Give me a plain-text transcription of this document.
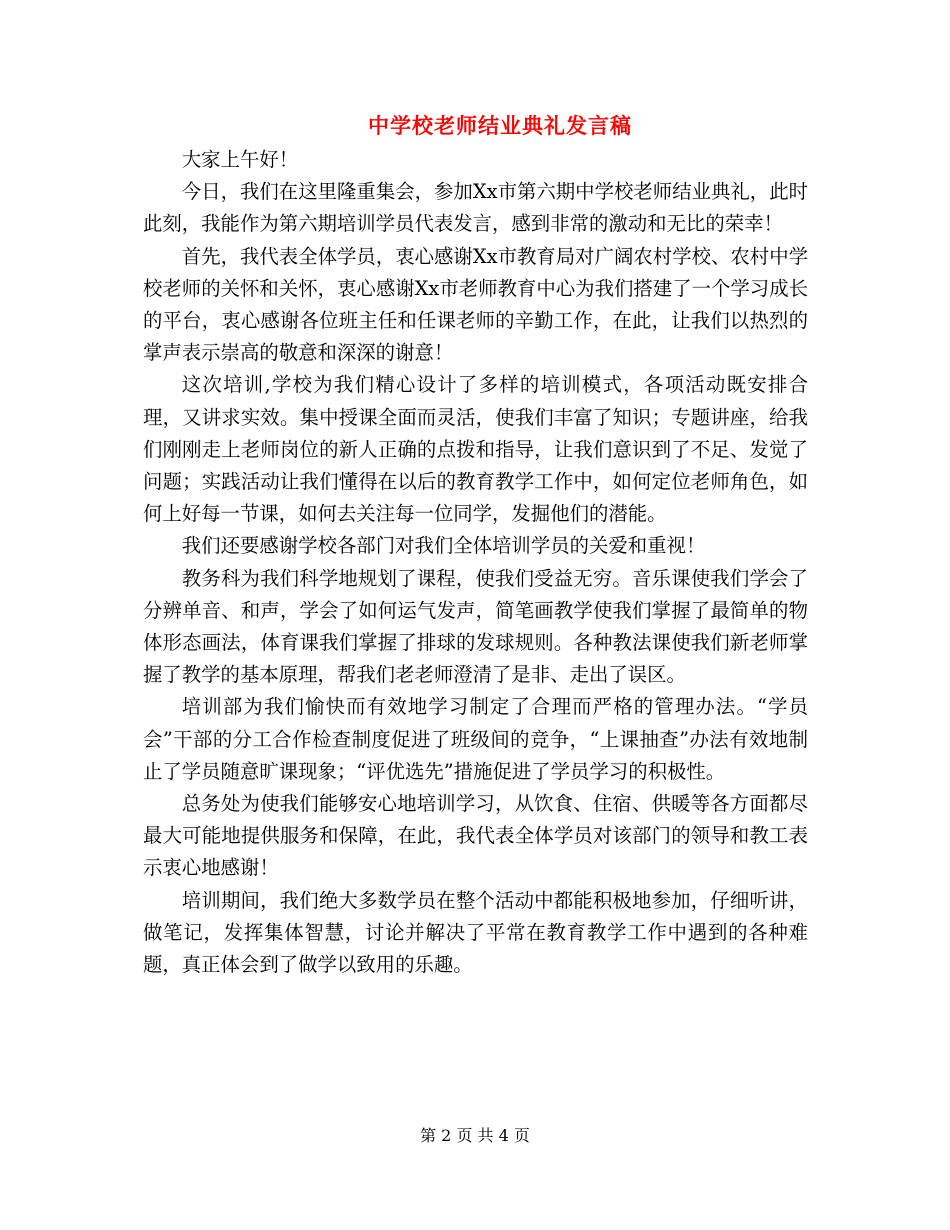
中学校老师结业典礼发言稿

大家上午好！

今日，我们在这里隆重集会，参加Xx市第六期中学校老师结业典礼，此时此刻，我能作为第六期培训学员代表发言，感到非常的激动和无比的荣幸！

首先，我代表全体学员，衷心感谢Xx市教育局对广阔农村学校、农村中学校老师的关怀和关怀，衷心感谢Xx市老师教育中心为我们搭建了一个学习成长的平台，衷心感谢各位班主任和任课老师的辛勤工作，在此，让我们以热烈的掌声表示崇高的敬意和深深的谢意！

这次培训,学校为我们精心设计了多样的培训模式，各项活动既安排合理，又讲求实效。集中授课全面而灵活，使我们丰富了知识；专题讲座，给我们刚刚走上老师岗位的新人正确的点拨和指导，让我们意识到了不足、发觉了问题；实践活动让我们懂得在以后的教育教学工作中，如何定位老师角色，如何上好每一节课，如何去关注每一位同学，发掘他们的潜能。

我们还要感谢学校各部门对我们全体培训学员的关爱和重视！

教务科为我们科学地规划了课程，使我们受益无穷。音乐课使我们学会了分辨单音、和声，学会了如何运气发声，简笔画教学使我们掌握了最简单的物体形态画法，体育课我们掌握了排球的发球规则。各种教法课使我们新老师掌握了教学的基本原理，帮我们老老师澄清了是非、走出了误区。

培训部为我们愉快而有效地学习制定了合理而严格的管理办法。“学员会”干部的分工合作检查制度促进了班级间的竞争，“上课抽查”办法有效地制止了学员随意旷课现象；“评优选先”措施促进了学员学习的积极性。

总务处为使我们能够安心地培训学习，从饮食、住宿、供暖等各方面都尽最大可能地提供服务和保障，在此，我代表全体学员对该部门的领导和教工表示衷心地感谢！

培训期间，我们绝大多数学员在整个活动中都能积极地参加，仔细听讲，做笔记，发挥集体智慧，讨论并解决了平常在教育教学工作中遇到的各种难题，真正体会到了做学以致用的乐趣。

第 2 页 共 4 页
